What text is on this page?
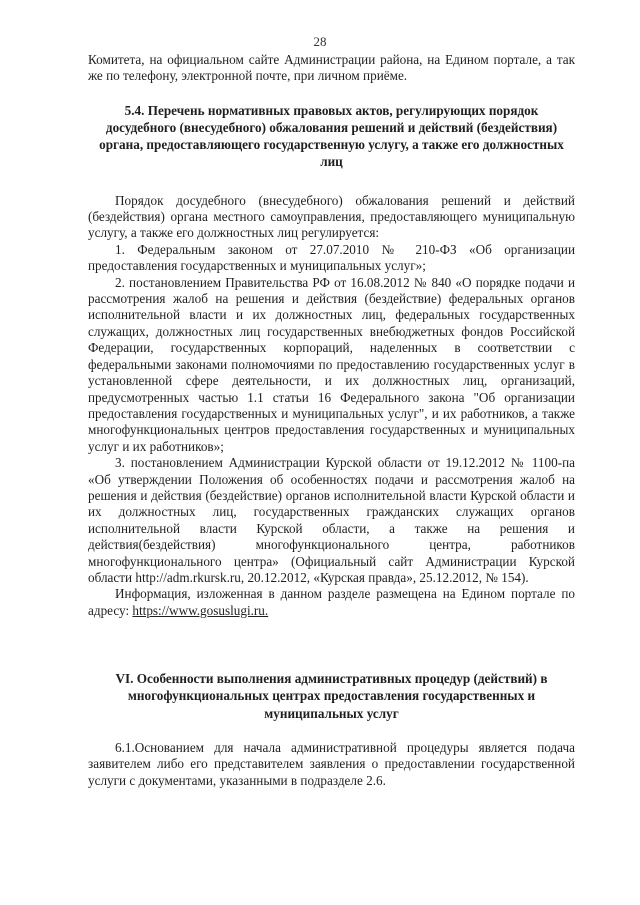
28

Комитета, на официальном сайте Администрации района, на Едином портале, а так же по телефону, электронной почте, при личном приёме.

5.4. Перечень нормативных правовых актов, регулирующих порядок досудебного (внесудебного) обжалования решений и действий (бездействия) органа, предоставляющего государственную услугу, а также его должностных лиц

Порядок досудебного (внесудебного) обжалования решений и действий (бездействия) органа местного самоуправления, предоставляющего муниципальную услугу, а также его должностных лиц регулируется:

1. Федеральным законом от 27.07.2010 № 210-ФЗ «Об организации предоставления государственных и муниципальных услуг»;

2. постановлением Правительства РФ от 16.08.2012 № 840 «О порядке подачи и рассмотрения жалоб на решения и действия (бездействие) федеральных органов исполнительной власти и их должностных лиц, федеральных государственных служащих, должностных лиц государственных внебюджетных фондов Российской Федерации, государственных корпораций, наделенных в соответствии с федеральными законами полномочиями по предоставлению государственных услуг в установленной сфере деятельности, и их должностных лиц, организаций, предусмотренных частью 1.1 статьи 16 Федерального закона "Об организации предоставления государственных и муниципальных услуг", и их работников, а также многофункциональных центров предоставления государственных и муниципальных услуг и их работников»;

3. постановлением Администрации Курской области от 19.12.2012 № 1100-па «Об утверждении Положения об особенностях подачи и рассмотрения жалоб на решения и действия (бездействие) органов исполнительной власти Курской области и их должностных лиц, государственных гражданских служащих органов исполнительной власти Курской области, а также на решения и действия(бездействия) многофункционального центра, работников многофункционального центра» (Официальный сайт Администрации Курской области http://adm.rkursk.ru, 20.12.2012, «Курская правда», 25.12.2012, № 154).

Информация, изложенная в данном разделе размещена на Едином портале по адресу: https://www.gosuslugi.ru.

VI. Особенности выполнения административных процедур (действий) в многофункциональных центрах предоставления государственных и муниципальных услуг

6.1.Основанием для начала административной процедуры является подача заявителем либо его представителем заявления о предоставлении государственной услуги с документами, указанными в подразделе 2.6.
